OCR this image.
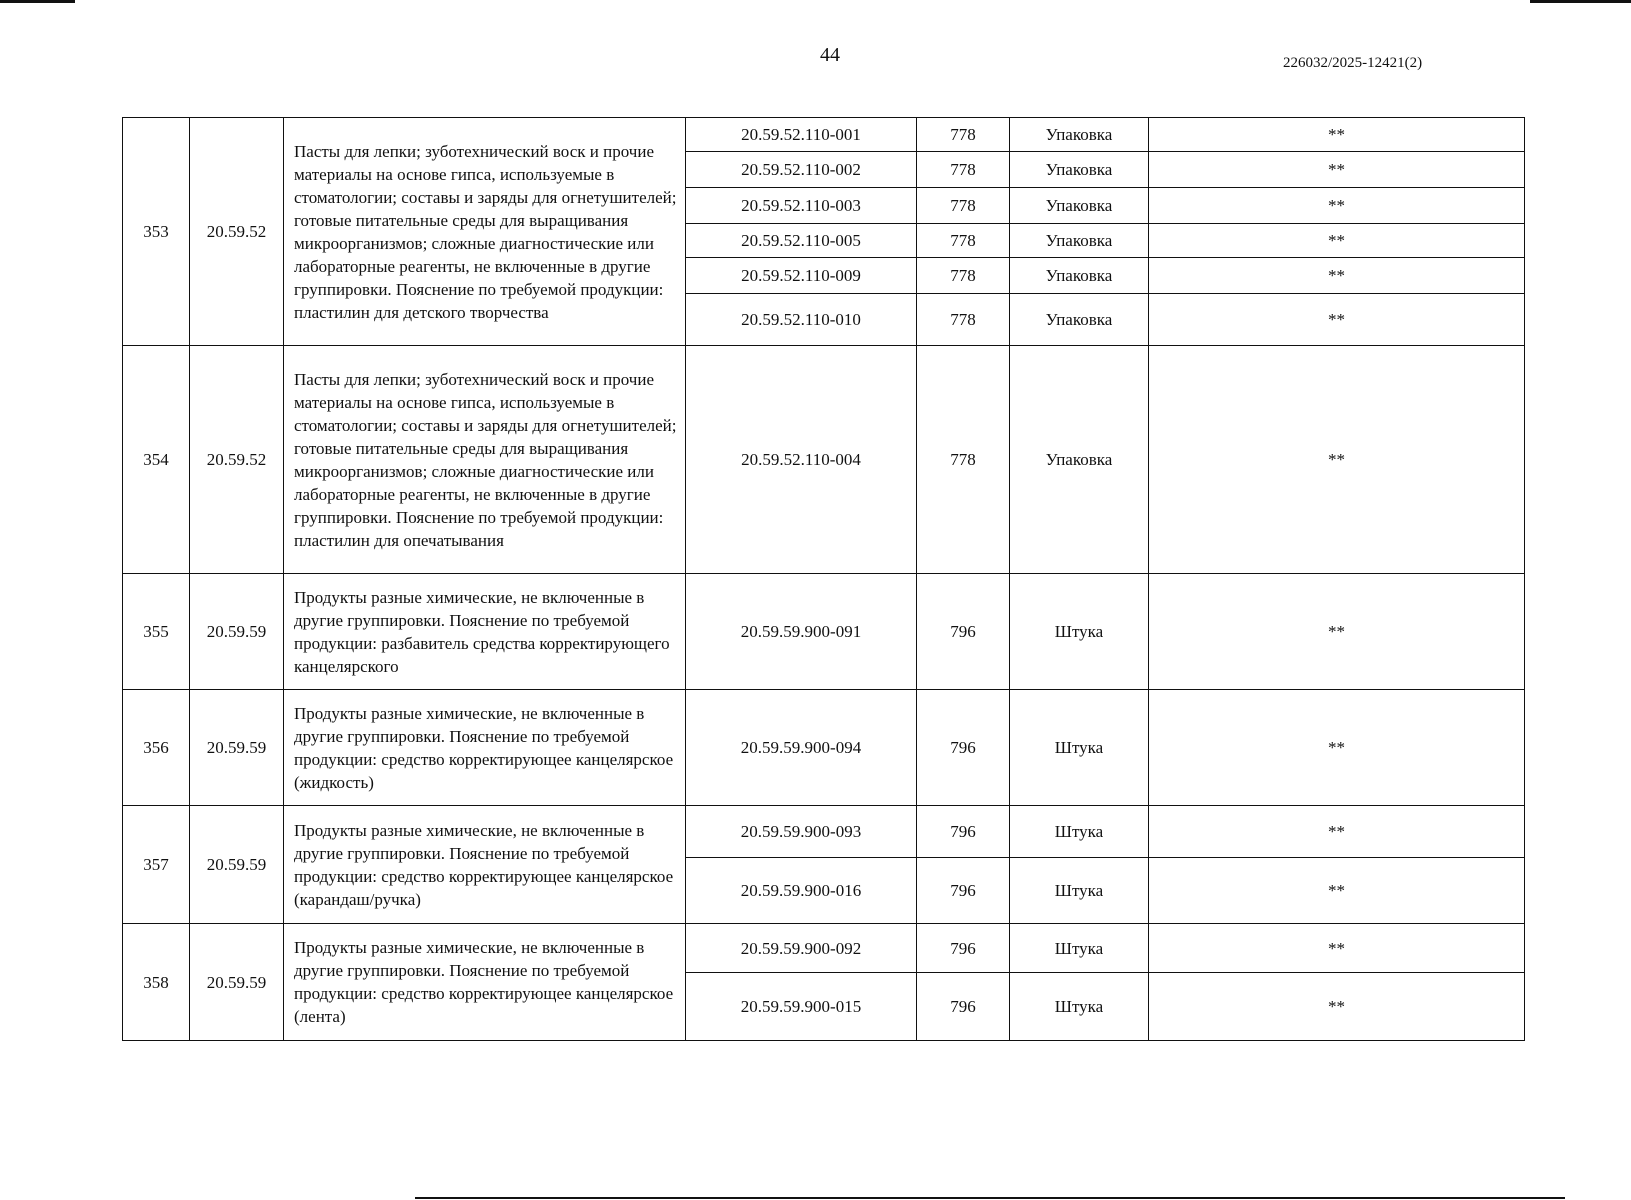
44	226032/2025-12421(2)
353	20.59.52	Пасты для лепки; зуботехнический воск и прочие материалы на основе гипса, используемые в стоматологии; составы и заряды для огнетушителей; готовые питательные среды для выращивания микроорганизмов; сложные диагностические или лабораторные реагенты, не включенные в другие группировки. Пояснение по требуемой продукции: пластилин для детского творчества	20.59.52.110-001	778	Упаковка	**
			20.59.52.110-002	778	Упаковка	**
			20.59.52.110-003	778	Упаковка	**
			20.59.52.110-005	778	Упаковка	**
			20.59.52.110-009	778	Упаковка	**
			20.59.52.110-010	778	Упаковка	**
354	20.59.52	Пасты для лепки; зуботехнический воск и прочие материалы на основе гипса, используемые в стоматологии; составы и заряды для огнетушителей; готовые питательные среды для выращивания микроорганизмов; сложные диагностические или лабораторные реагенты, не включенные в другие группировки. Пояснение по требуемой продукции: пластилин для опечатывания	20.59.52.110-004	778	Упаковка	**
355	20.59.59	Продукты разные химические, не включенные в другие группировки. Пояснение по требуемой продукции: разбавитель средства корректирующего канцелярского	20.59.59.900-091	796	Штука	**
356	20.59.59	Продукты разные химические, не включенные в другие группировки. Пояснение по требуемой продукции: средство корректирующее канцелярское (жидкость)	20.59.59.900-094	796	Штука	**
357	20.59.59	Продукты разные химические, не включенные в другие группировки. Пояснение по требуемой продукции: средство корректирующее канцелярское (карандаш/ручка)	20.59.59.900-093	796	Штука	**
			20.59.59.900-016	796	Штука	**
358	20.59.59	Продукты разные химические, не включенные в другие группировки. Пояснение по требуемой продукции: средство корректирующее канцелярское (лента)	20.59.59.900-092	796	Штука	**
			20.59.59.900-015	796	Штука	**
